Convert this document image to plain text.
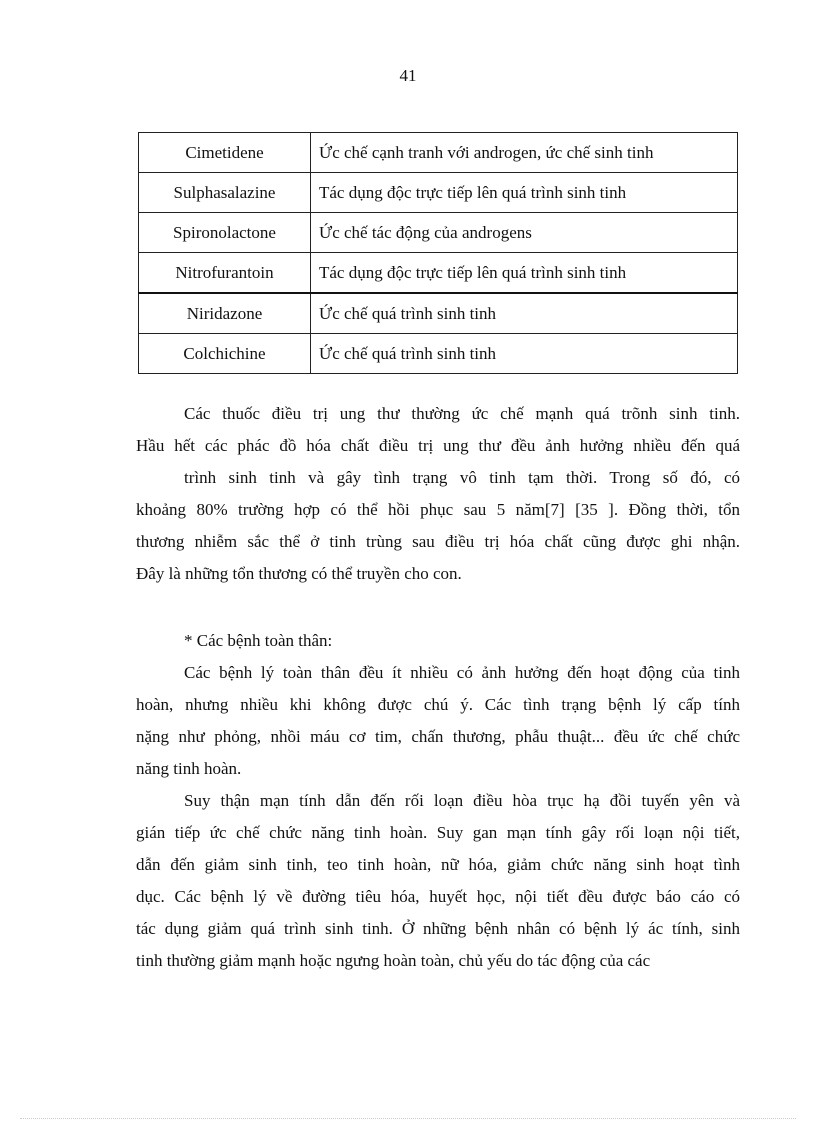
41
Cimetidene	Ức chế cạnh tranh với androgen, ức chế sinh tinh
Sulphasalazine	Tác dụng độc trực tiếp lên quá trình sinh tinh
Spironolactone	Ức chế tác động của androgens
Nitrofurantoin	Tác dụng độc trực tiếp lên quá trình sinh tinh
Niridazone	Ức chế quá trình sinh tinh
Colchichine	Ức chế quá trình sinh tinh

Các thuốc điều trị ung thư thường ức chế mạnh quá trõnh sinh tinh.

Hầu hết các phác đồ hóa chất điều trị ung thư đều ảnh hưởng nhiều đến quá

trình sinh tinh và gây tình trạng vô tinh tạm thời. Trong số đó, có

khoảng 80% trường hợp có thể hồi phục sau 5 năm[7] [35 ]. Đồng thời, tổn

thương nhiễm sắc thể ở tinh trùng sau điều trị hóa chất cũng được ghi nhận.

Đây là những tổn thương có thể truyền cho con.

* Các bệnh toàn thân:

Các bệnh lý toàn thân đều ít nhiều có ảnh hưởng đến hoạt động của tinh

hoàn, nhưng nhiều khi không được chú ý. Các tình trạng bệnh lý cấp tính

nặng như phỏng, nhồi máu cơ tim, chấn thương, phẫu thuật... đều ức chế chức

năng tinh hoàn.

Suy thận mạn tính dẫn đến rối loạn điều hòa trục hạ đồi tuyến yên và

gián tiếp ức chế chức năng tinh hoàn. Suy gan mạn tính gây rối loạn nội tiết,

dẫn đến giảm sinh tinh, teo tinh hoàn, nữ hóa, giảm chức năng sinh hoạt tình

dục. Các bệnh lý về đường tiêu hóa, huyết học, nội tiết đều được báo cáo có

tác dụng giảm quá trình sinh tinh. Ở những bệnh nhân có bệnh lý ác tính, sinh

tinh thường giảm mạnh hoặc ngưng hoàn toàn, chủ yếu do tác động của các
